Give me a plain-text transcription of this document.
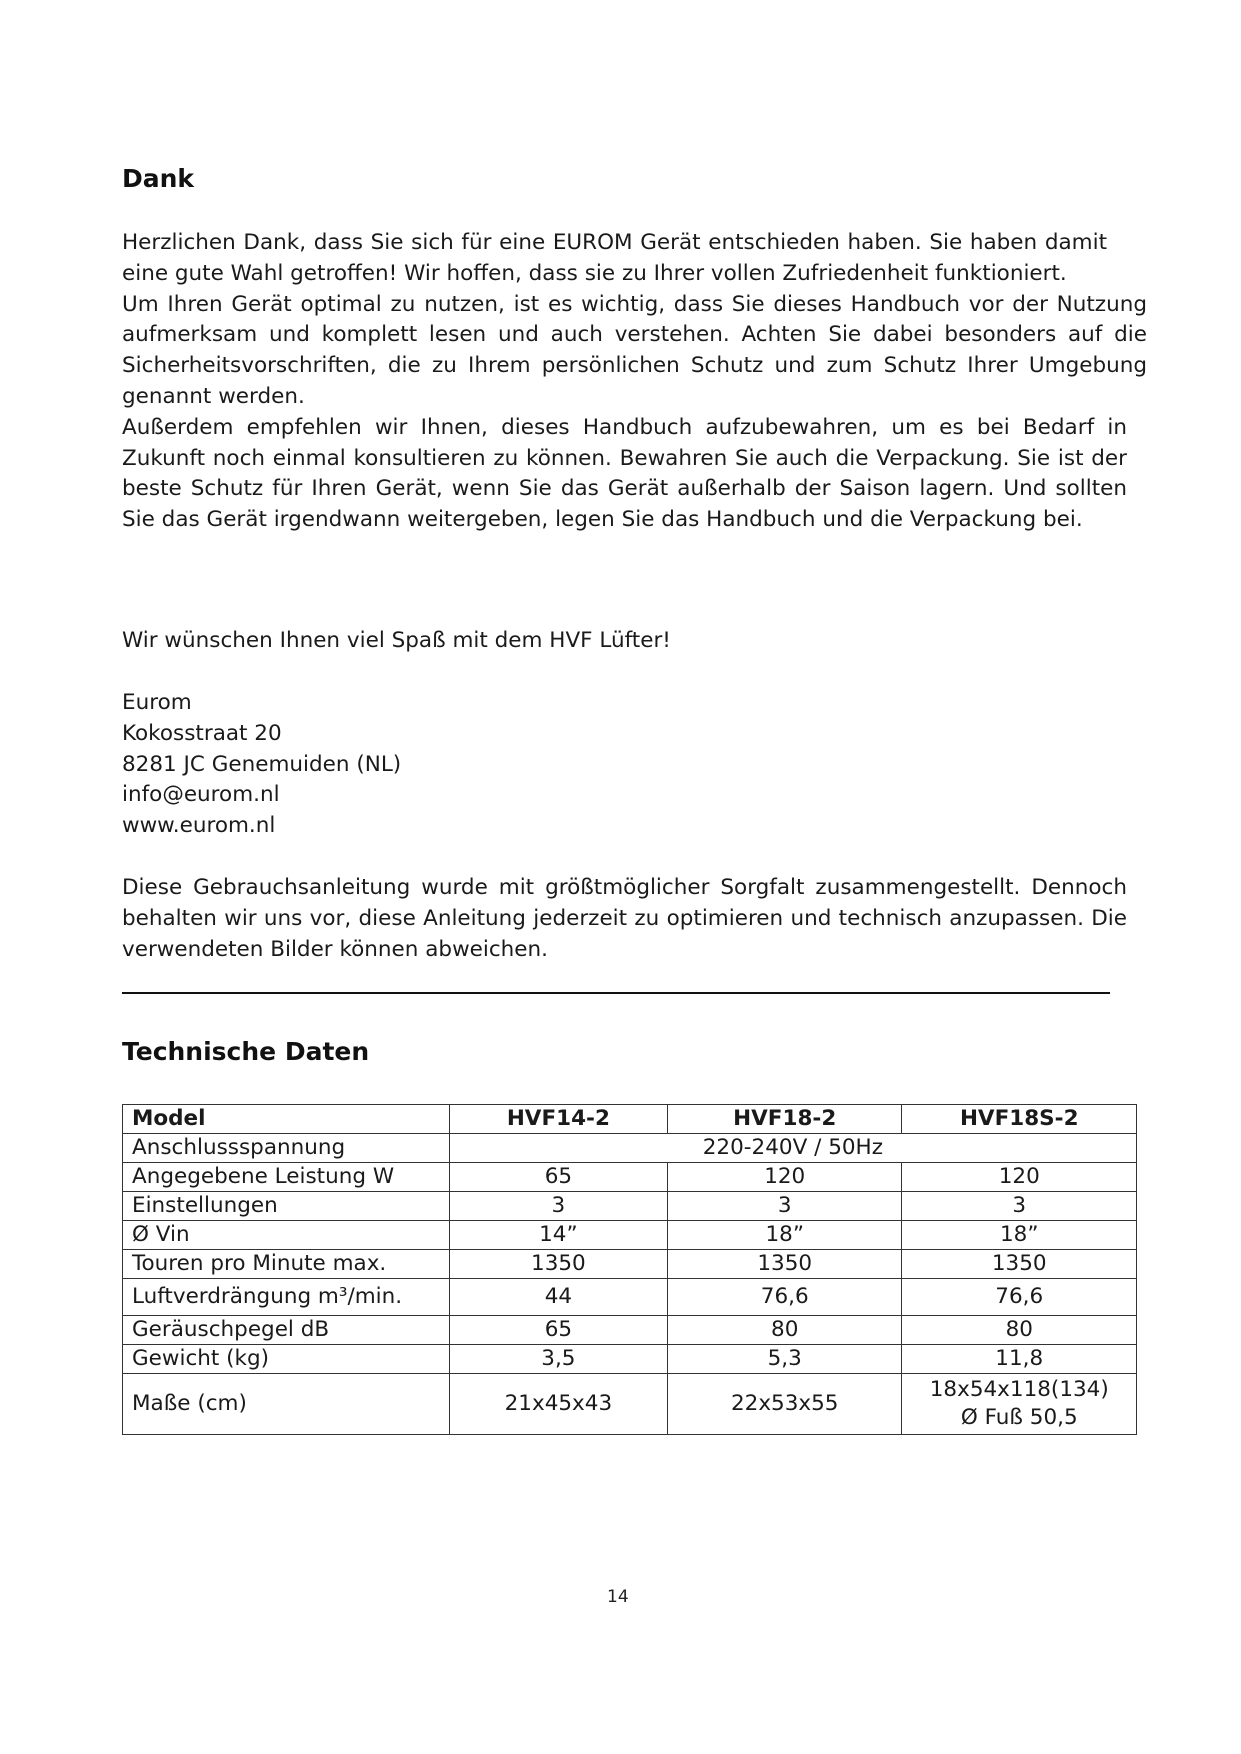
Dank

Herzlichen Dank, dass Sie sich für eine EUROM Gerät entschieden haben. Sie haben damit eine gute Wahl getroffen! Wir hoffen, dass sie zu Ihrer vollen Zufriedenheit funktioniert.

Um Ihren Gerät optimal zu nutzen, ist es wichtig, dass Sie dieses Handbuch vor der Nutzung aufmerksam und komplett lesen und auch verstehen. Achten Sie dabei besonders auf die Sicherheitsvorschriften, die zu Ihrem persönlichen Schutz und zum Schutz Ihrer Umgebung genannt werden.

Außerdem empfehlen wir Ihnen, dieses Handbuch aufzubewahren, um es bei Bedarf in Zukunft noch einmal konsultieren zu können. Bewahren Sie auch die Verpackung. Sie ist der beste Schutz für Ihren Gerät, wenn Sie das Gerät außerhalb der Saison lagern. Und sollten Sie das Gerät irgendwann weitergeben, legen Sie das Handbuch und die Verpackung bei.

Wir wünschen Ihnen viel Spaß mit dem HVF Lüfter!

Eurom

Kokosstraat 20

8281 JC Genemuiden (NL)

info@eurom.nl

www.eurom.nl

Diese Gebrauchsanleitung wurde mit größtmöglicher Sorgfalt zusammengestellt. Dennoch behalten wir uns vor, diese Anleitung jederzeit zu optimieren und technisch anzupassen. Die verwendeten Bilder können abweichen.

Technische Daten
Model	HVF14-2	HVF18-2	HVF18S-2
Anschlussspannung	220-240V / 50Hz		
Angegebene Leistung W	65	120	120
Einstellungen	3	3	3
Ø Vin	14”	18”	18”
Touren pro Minute max.	1350	1350	1350
Luftverdrängung m³/min.	44	76,6	76,6
Geräuschpegel dB	65	80	80
Gewicht (kg)	3,5	5,3	11,8
Maße (cm)	21x45x43	22x53x55	18x54x118(134)
Ø Fuß 50,5
14
